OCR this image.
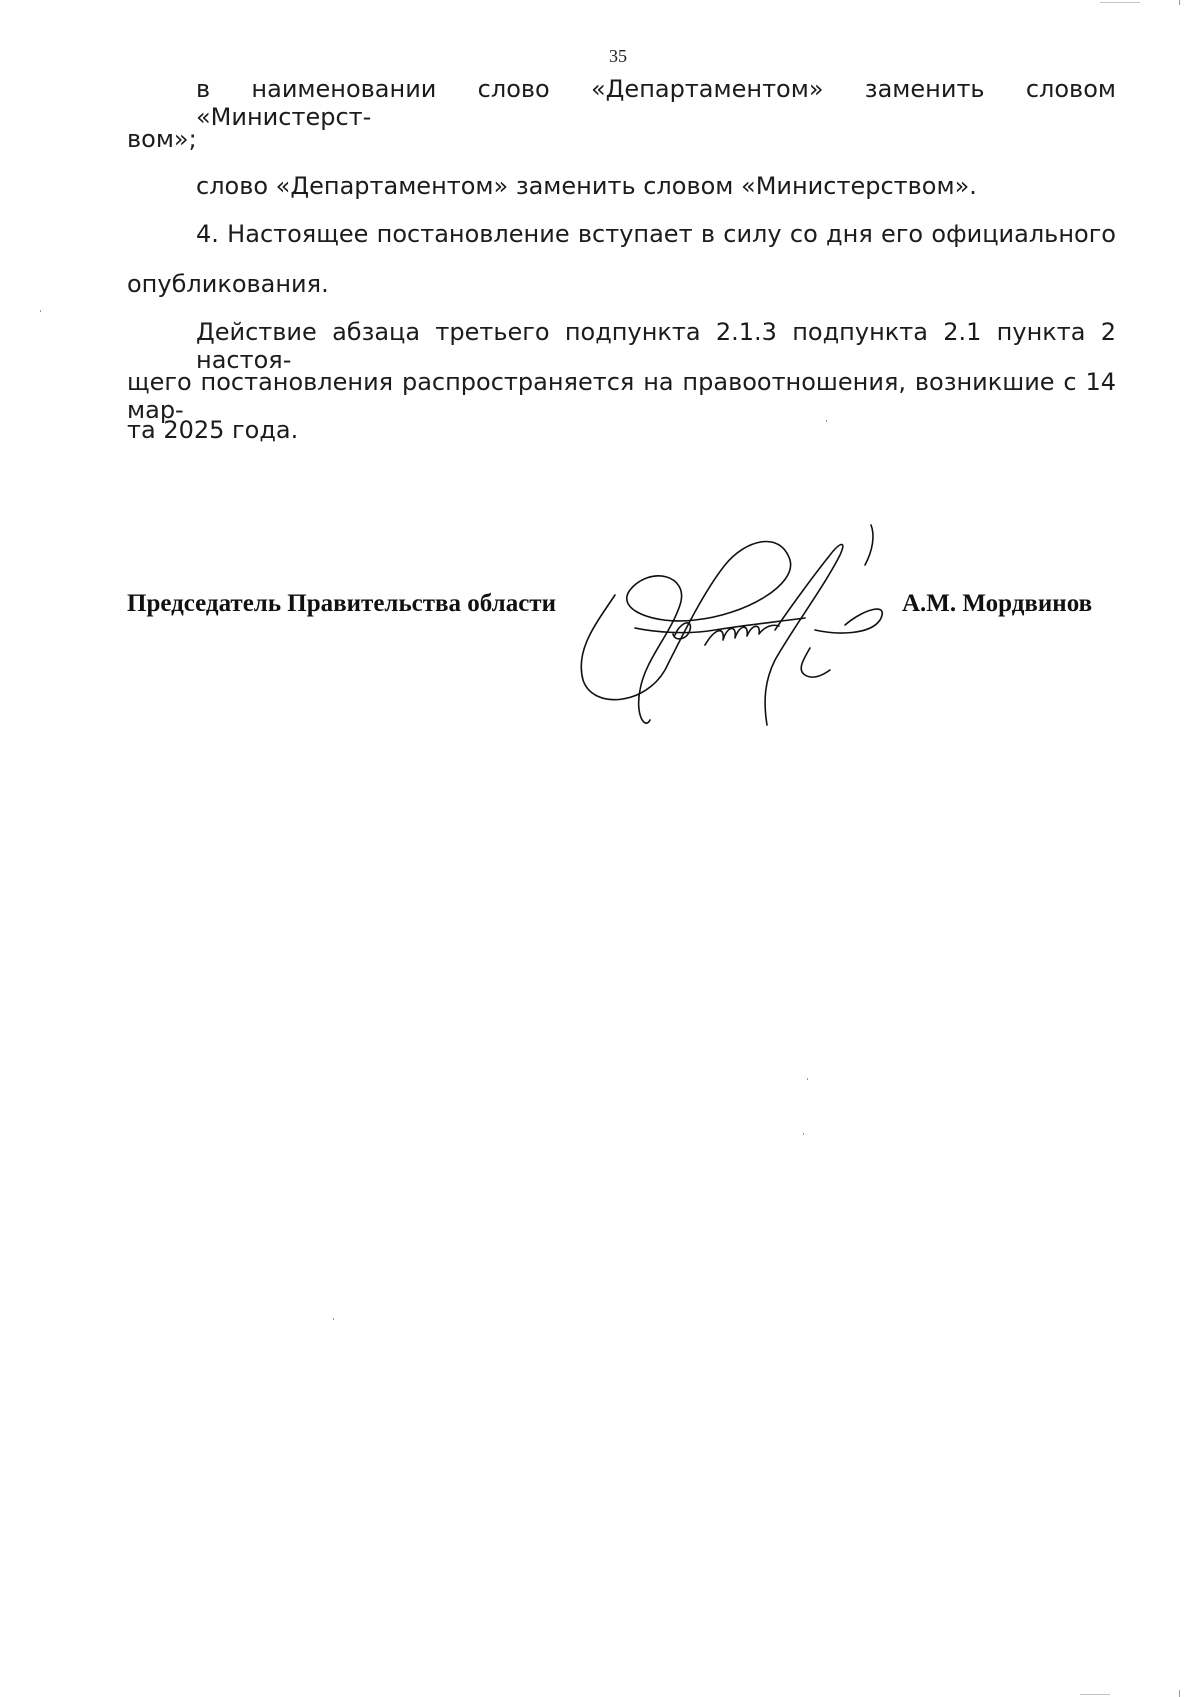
35
в наименовании слово «Департаментом» заменить словом «Министерст-
вом»;
слово «Департаментом» заменить словом «Министерством».
4. Настоящее постановление вступает в силу со дня его официального
опубликования.
Действие абзаца третьего подпункта 2.1.3 подпункта 2.1 пункта 2 настоя-
щего постановления распространяется на правоотношения, возникшие с 14 мар-
та 2025 года.
Председатель Правительства области	А.М. Мордвинов
